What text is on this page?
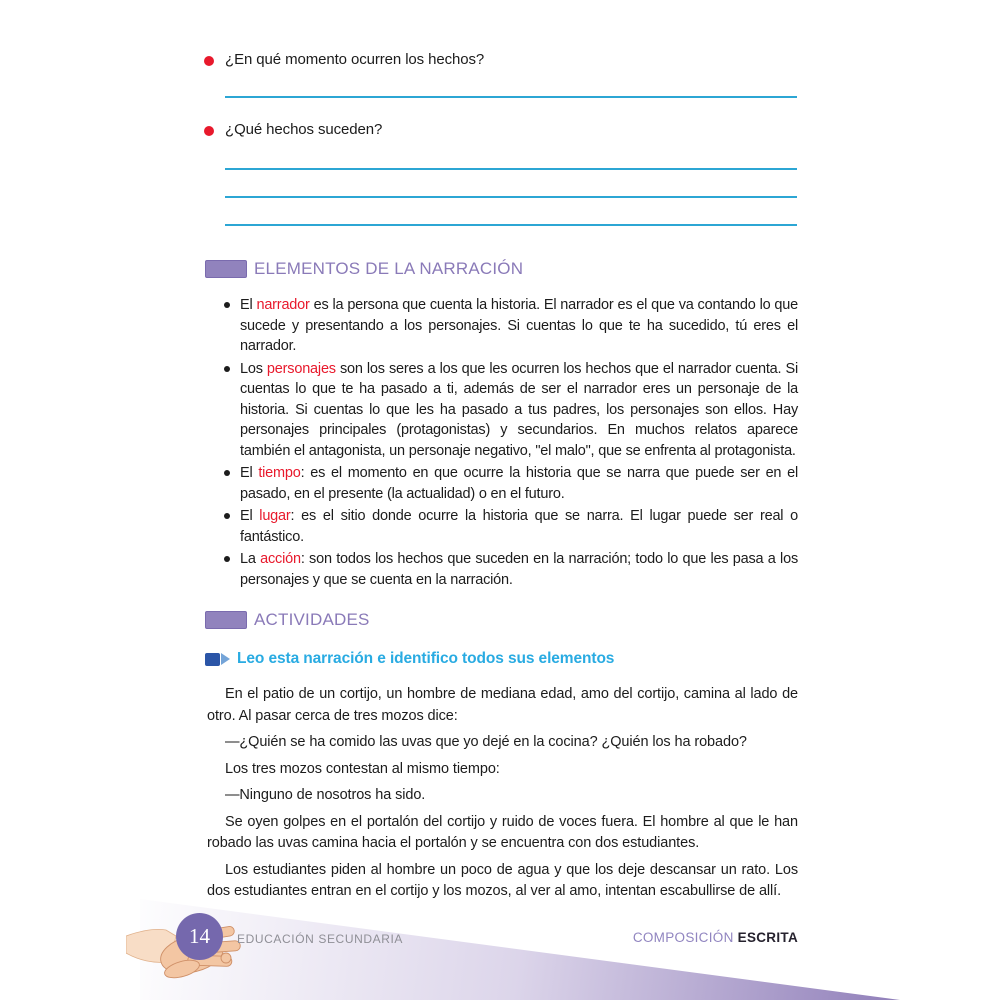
¿En qué momento ocurren los hechos?
¿Qué hechos suceden?
ELEMENTOS DE LA NARRACIÓN
El narrador es la persona que cuenta la historia. El narrador es el que va contando lo que sucede y presentando a los personajes. Si cuentas lo que te ha sucedido, tú eres el narrador.
Los personajes son los seres a los que les ocurren los hechos que el narrador cuenta. Si cuentas lo que te ha pasado a ti, además de ser el narrador eres un personaje de la historia. Si cuentas lo que les ha pasado a tus padres, los personajes son ellos. Hay personajes principales (protagonistas) y secundarios. En muchos relatos aparece también el antagonista, un personaje negativo, "el malo", que se enfrenta al protagonista.
El tiempo: es el momento en que ocurre la historia que se narra que puede ser en el pasado, en el presente (la actualidad) o en el futuro.
El lugar: es el sitio donde ocurre la historia que se narra. El lugar puede ser real o fantástico.
La acción: son todos los hechos que suceden en la narración; todo lo que les pasa a los personajes y que se cuenta en la narración.
ACTIVIDADES
Leo esta narración e identifico todos sus elementos

En el patio de un cortijo, un hombre de mediana edad, amo del cortijo, camina al lado de otro. Al pasar cerca de tres mozos dice:

—¿Quién se ha comido las uvas que yo dejé en la cocina? ¿Quién los ha robado?

Los tres mozos contestan al mismo tiempo:

—Ninguno de nosotros ha sido.

Se oyen golpes en el portalón del cortijo y ruido de voces fuera. El hombre al que le han robado las uvas camina hacia el portalón y se encuentra con dos estudiantes.

Los estudiantes piden al hombre un poco de agua y que los deje descansar un rato. Los dos estudiantes entran en el cortijo y los mozos, al ver al amo, intentan escabullirse de allí.

14 EDUCACIÓN SECUNDARIA	COMPOSICIÓN ESCRITA
